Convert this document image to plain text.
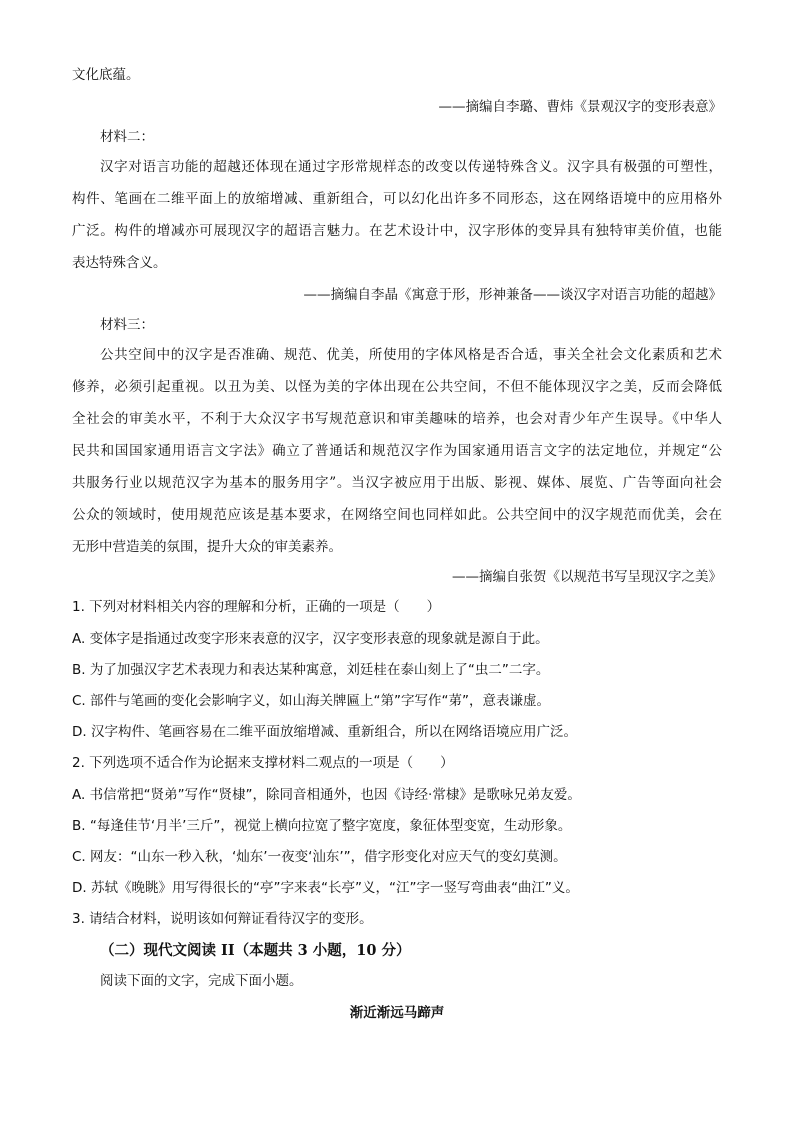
文化底蕴。
——摘编自李璐、曹炜《景观汉字的变形表意》
材料二：
汉字对语言功能的超越还体现在通过字形常规样态的改变以传递特殊含义。汉字具有极强的可塑性，
构件、笔画在二维平面上的放缩增减、重新组合，可以幻化出许多不同形态，这在网络语境中的应用格外
广泛。构件的增减亦可展现汉字的超语言魅力。在艺术设计中，汉字形体的变异具有独特审美价值，也能
表达特殊含义。
——摘编自李晶《寓意于形，形神兼备——谈汉字对语言功能的超越》
材料三：
公共空间中的汉字是否准确、规范、优美，所使用的字体风格是否合适，事关全社会文化素质和艺术
修养，必须引起重视。以丑为美、以怪为美的字体出现在公共空间，不但不能体现汉字之美，反而会降低
全社会的审美水平，不利于大众汉字书写规范意识和审美趣味的培养，也会对青少年产生误导。《中华人
民共和国国家通用语言文字法》确立了普通话和规范汉字作为国家通用语言文字的法定地位，并规定“公
共服务行业以规范汉字为基本的服务用字”。当汉字被应用于出版、影视、媒体、展览、广告等面向社会
公众的领域时，使用规范应该是基本要求，在网络空间也同样如此。公共空间中的汉字规范而优美，会在
无形中营造美的氛围，提升大众的审美素养。
——摘编自张贺《以规范书写呈现汉字之美》
1. 下列对材料相关内容的理解和分析，正确的一项是（　　）
A. 变体字是指通过改变字形来表意的汉字，汉字变形表意的现象就是源自于此。
B. 为了加强汉字艺术表现力和表达某种寓意，刘廷桂在泰山刻上了“虫二”二字。
C. 部件与笔画的变化会影响字义，如山海关牌匾上“第”字写作“苐”，意表谦虚。
D. 汉字构件、笔画容易在二维平面放缩增减、重新组合，所以在网络语境应用广泛。
2. 下列选项不适合作为论据来支撑材料二观点的一项是（　　）
A. 书信常把“贤弟”写作“贤棣”，除同音相通外，也因《诗经·常棣》是歌咏兄弟友爱。
B. “每逢佳节‘月半’三斤”，视觉上横向拉宽了整字宽度，象征体型变宽，生动形象。
C. 网友：“山东一秒入秋，‘灿东’一夜变‘汕东’”，借字形变化对应天气的变幻莫测。
D. 苏轼《晚眺》用写得很长的“亭”字来表“长亭”义，“江”字一竖写弯曲表“曲江”义。
3. 请结合材料，说明该如何辩证看待汉字的变形。
（二）现代文阅读 II（本题共 3 小题，10 分）
阅读下面的文字，完成下面小题。
渐近渐远马蹄声
